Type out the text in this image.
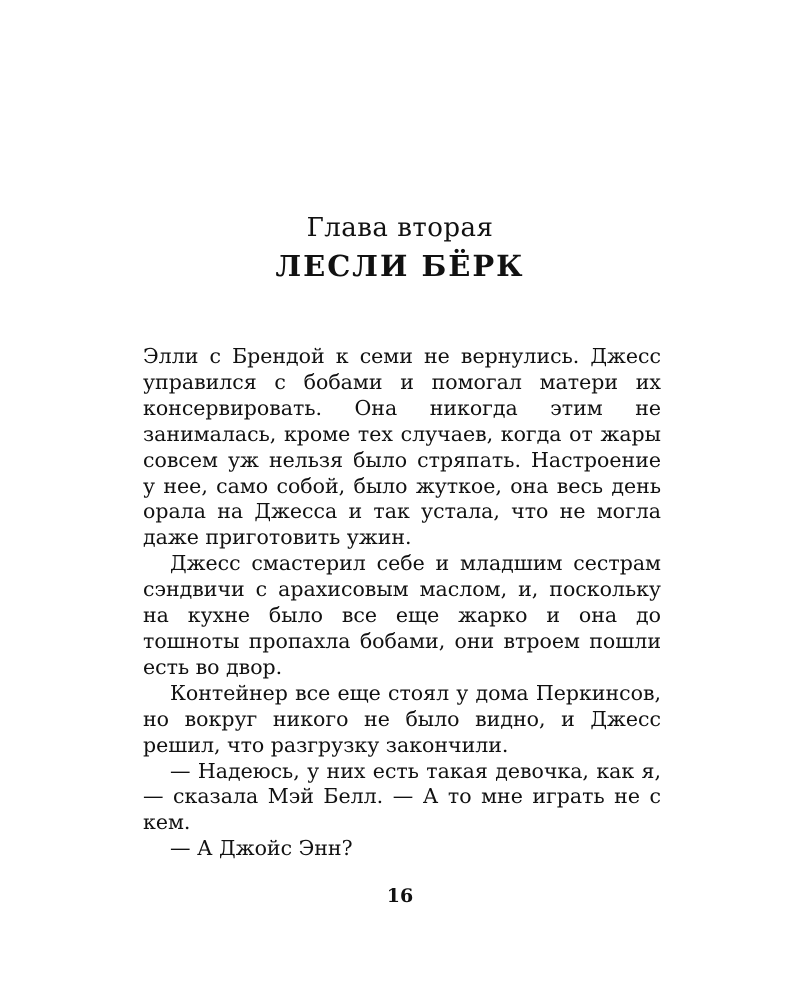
Глава вторая
ЛЕСЛИ БЁРК

Элли с Брендой к семи не вернулись. Джесс управился с бобами и помогал матери их консервировать. Она никогда этим не занималась, кроме тех случаев, когда от жары совсем уж нельзя было стряпать. Настроение у нее, само собой, было жуткое, она весь день орала на Джесса и так устала, что не могла даже приготовить ужин.

Джесс смастерил себе и младшим сестрам сэндвичи с арахисовым маслом, и, поскольку на кухне было все еще жарко и она до тошноты пропахла бобами, они втроем пошли есть во двор.

Контейнер все еще стоял у дома Перкинсов, но вокруг никого не было видно, и Джесс решил, что разгрузку закончили.

— Надеюсь, у них есть такая девочка, как я, — сказала Мэй Белл. — А то мне играть не с кем.

— А Джойс Энн?

16
